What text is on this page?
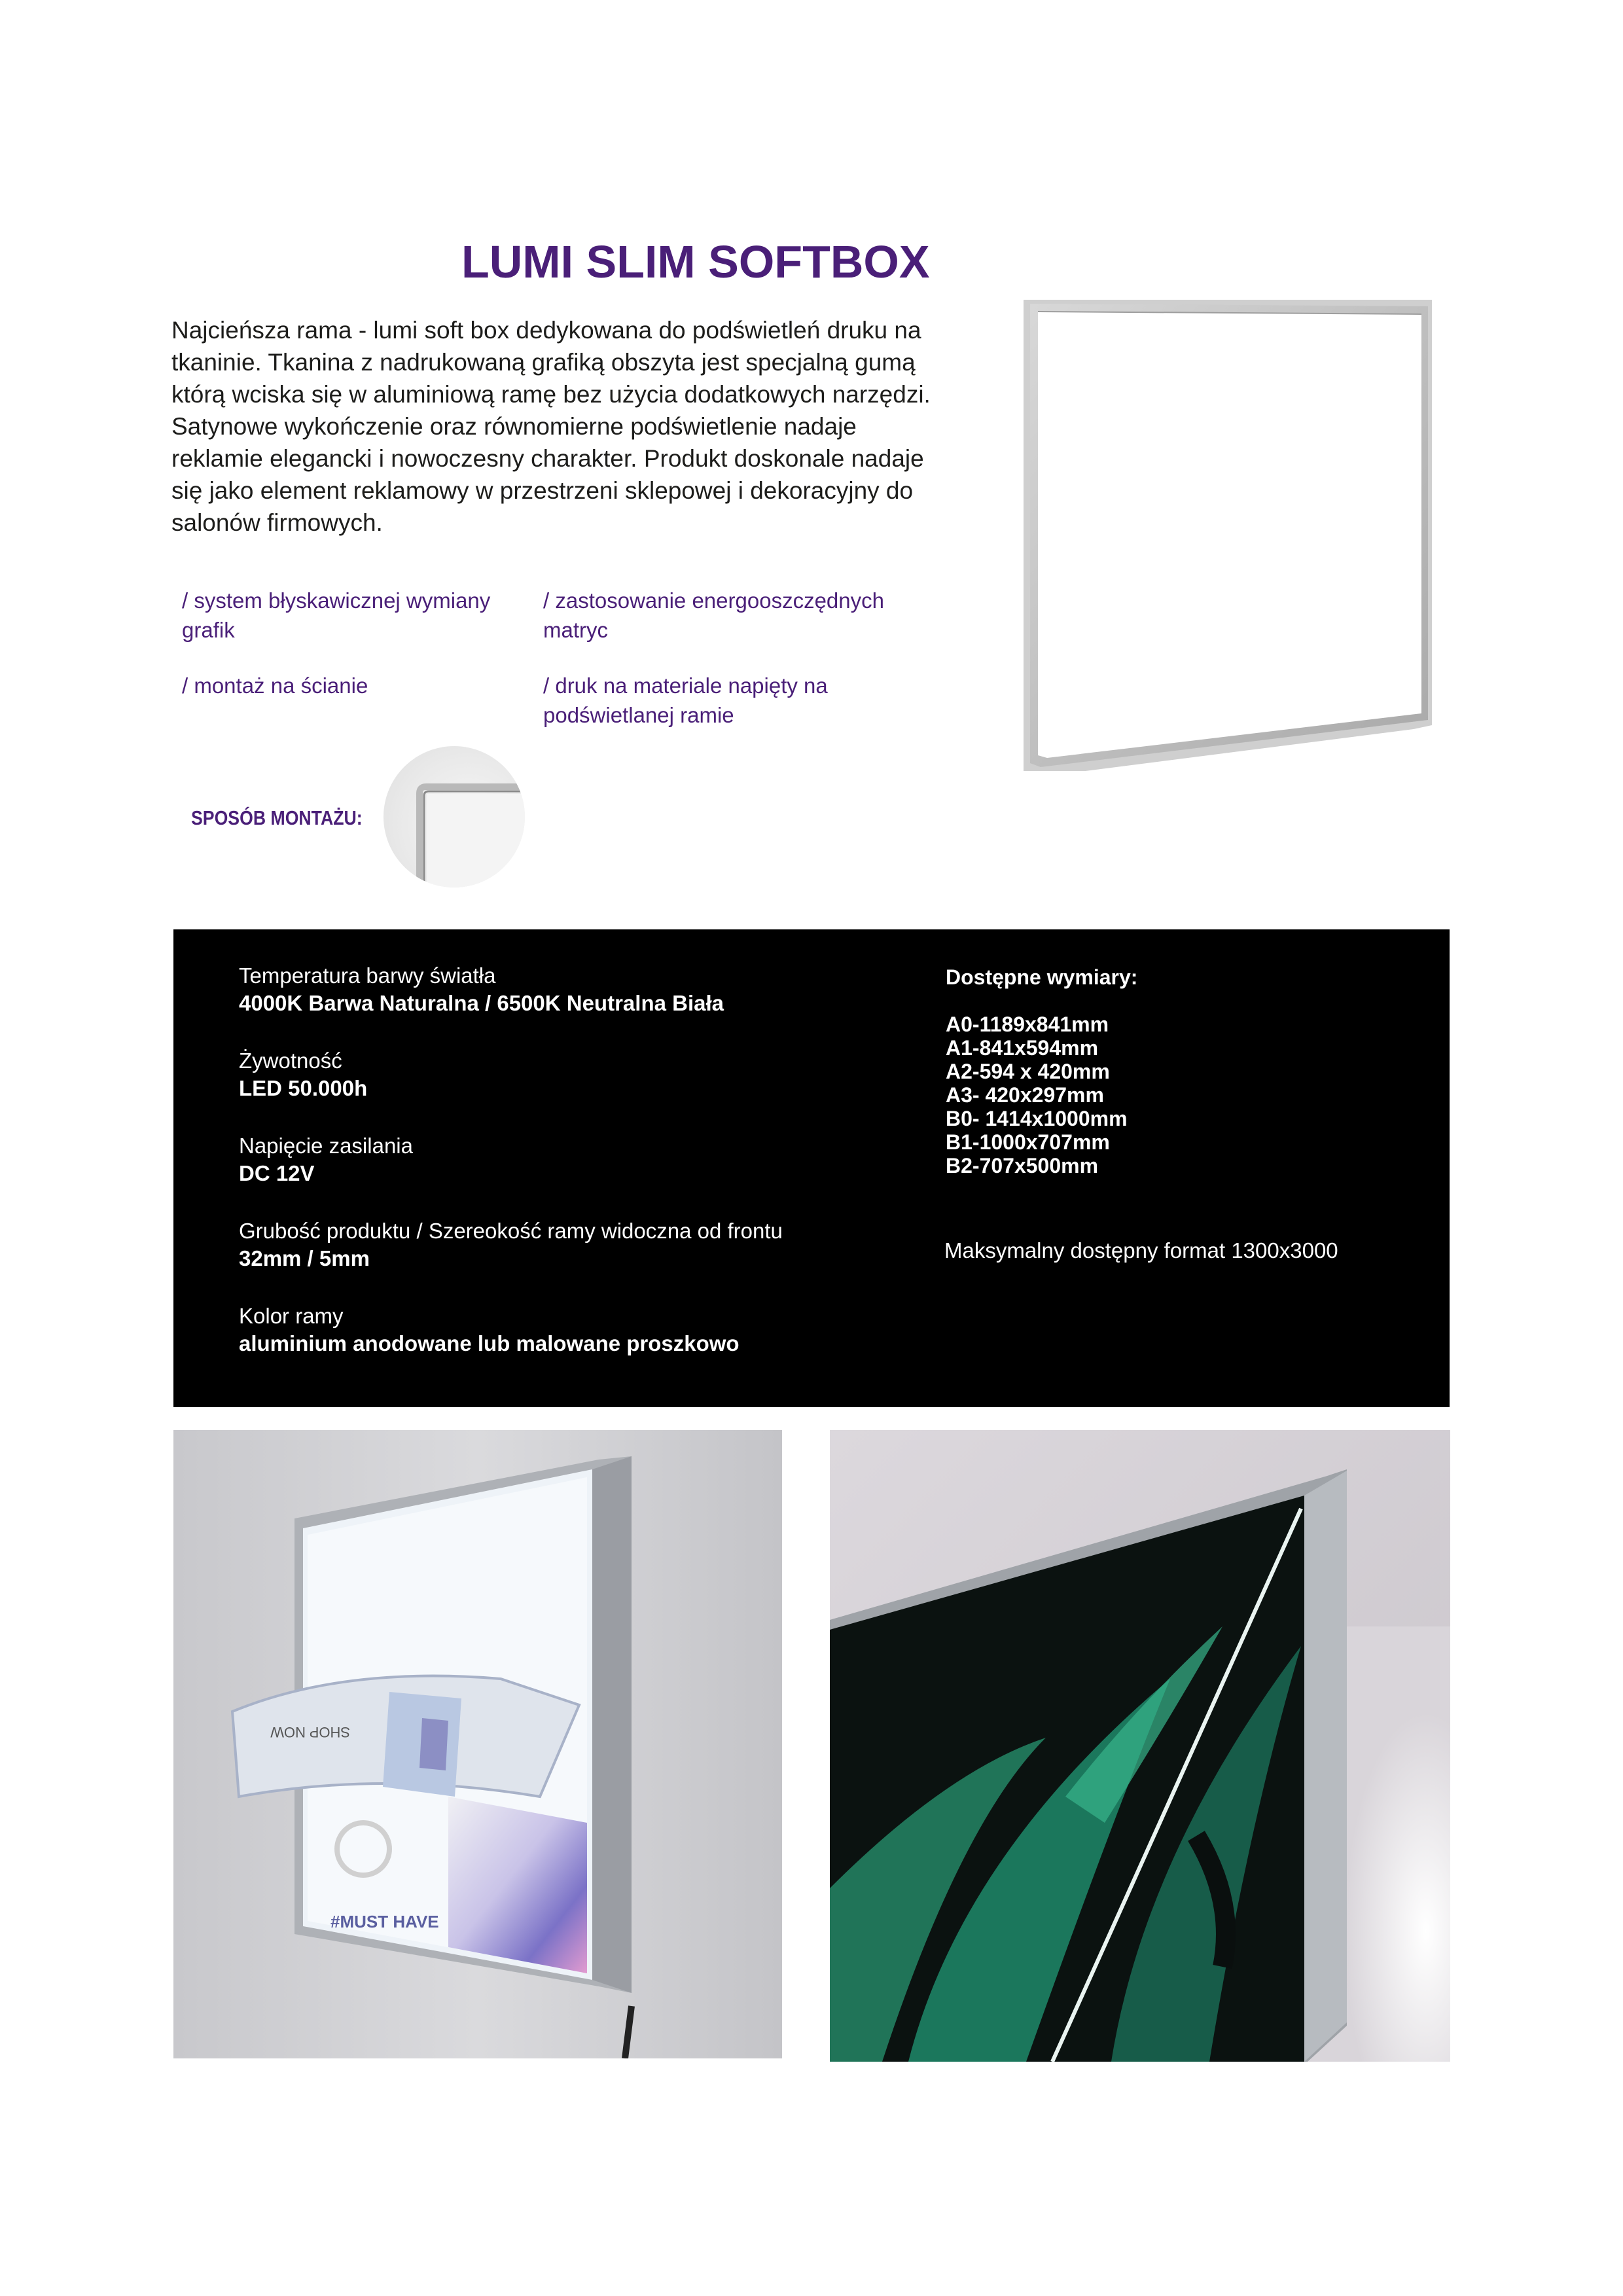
LUMI SLIM SOFTBOX
Najcieńsza rama - lumi soft box dedykowana do podświetleń druku na
tkaninie. Tkanina z nadrukowaną grafiką obszyta jest specjalną gumą
którą wciska się w aluminiową ramę bez użycia dodatkowych narzędzi.
Satynowe wykończenie oraz równomierne podświetlenie nadaje
reklamie elegancki i nowoczesny charakter. Produkt doskonale nadaje
się jako element reklamowy w przestrzeni sklepowej i dekoracyjny do
salonów firmowych.
/ system błyskawicznej wymiany
grafik
/ zastosowanie energooszczędnych
matryc
/ montaż na ścianie	/ druk na materiale napięty na
podświetlanej ramie
SPOSÓB MONTAŻU:
Temperatura barwy światła
4000K Barwa Naturalna / 6500K Neutralna Biała
Żywotność
LED 50.000h
Napięcie zasilania
DC 12V
Grubość produktu / Szereokość ramy widoczna od frontu
32mm / 5mm
Kolor ramy
aluminium anodowane lub malowane proszkowo
Dostępne wymiary:
A0-1189x841mm
A1-841x594mm
A2-594 x 420mm
A3- 420x297mm
B0- 1414x1000mm
B1-1000x707mm
B2-707x500mm
Maksymalny dostępny format 1300x3000
#MUST HAVE
SHOP NOW
